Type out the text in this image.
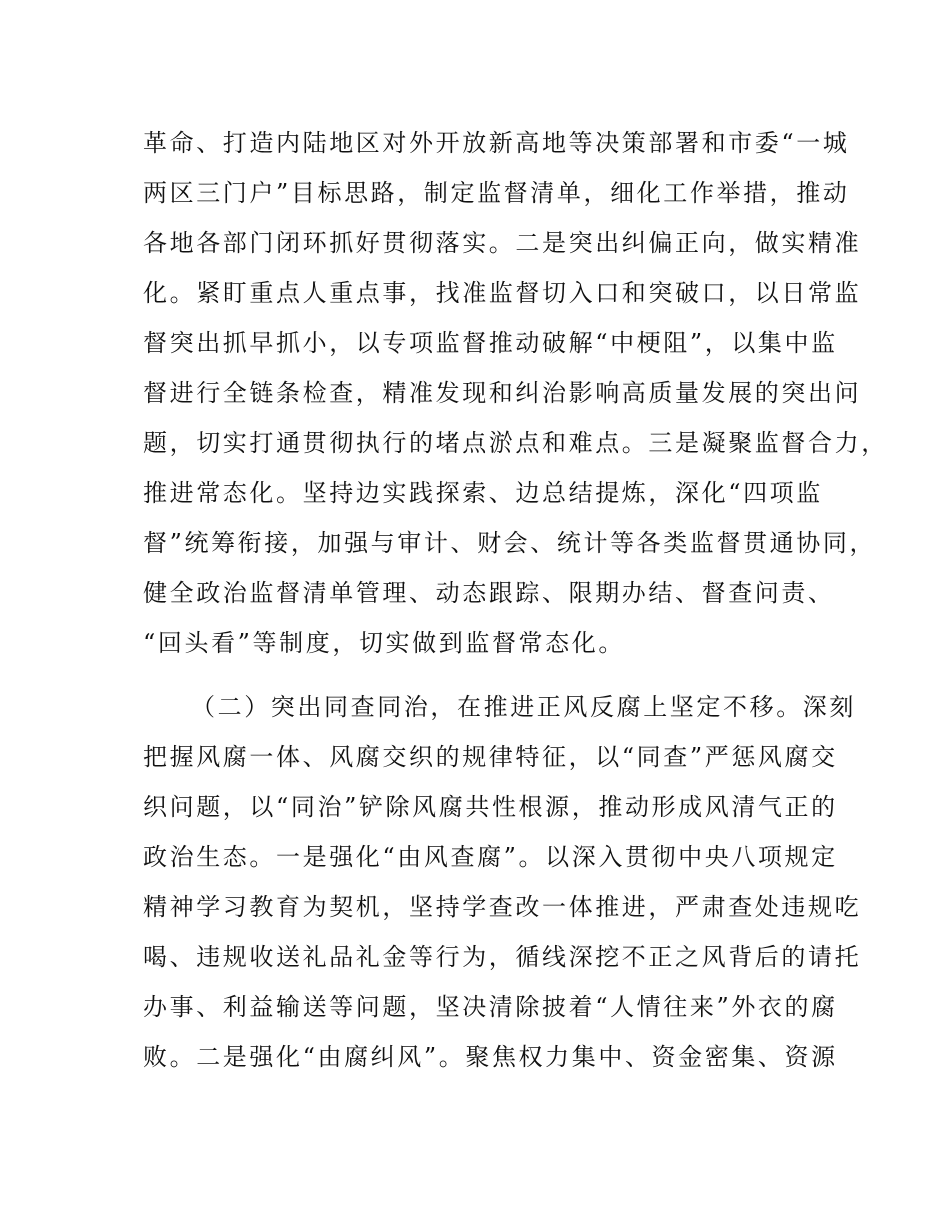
革命、打造内陆地区对外开放新高地等决策部署和市委“一城
两区三门户”目标思路，制定监督清单，细化工作举措，推动
各地各部门闭环抓好贯彻落实。二是突出纠偏正向，做实精准
化。紧盯重点人重点事，找准监督切入口和突破口，以日常监
督突出抓早抓小，以专项监督推动破解“中梗阻”，以集中监
督进行全链条检查，精准发现和纠治影响高质量发展的突出问
题，切实打通贯彻执行的堵点淤点和难点。三是凝聚监督合力，
推进常态化。坚持边实践探索、边总结提炼，深化“四项监
督”统筹衔接，加强与审计、财会、统计等各类监督贯通协同，
健全政治监督清单管理、动态跟踪、限期办结、督查问责、
“回头看”等制度，切实做到监督常态化。
（二）突出同查同治，在推进正风反腐上坚定不移。深刻
把握风腐一体、风腐交织的规律特征，以“同查”严惩风腐交
织问题，以“同治”铲除风腐共性根源，推动形成风清气正的
政治生态。一是强化“由风查腐”。以深入贯彻中央八项规定
精神学习教育为契机，坚持学查改一体推进，严肃查处违规吃
喝、违规收送礼品礼金等行为，循线深挖不正之风背后的请托
办事、利益输送等问题，坚决清除披着“人情往来”外衣的腐
败。二是强化“由腐纠风”。聚焦权力集中、资金密集、资源
